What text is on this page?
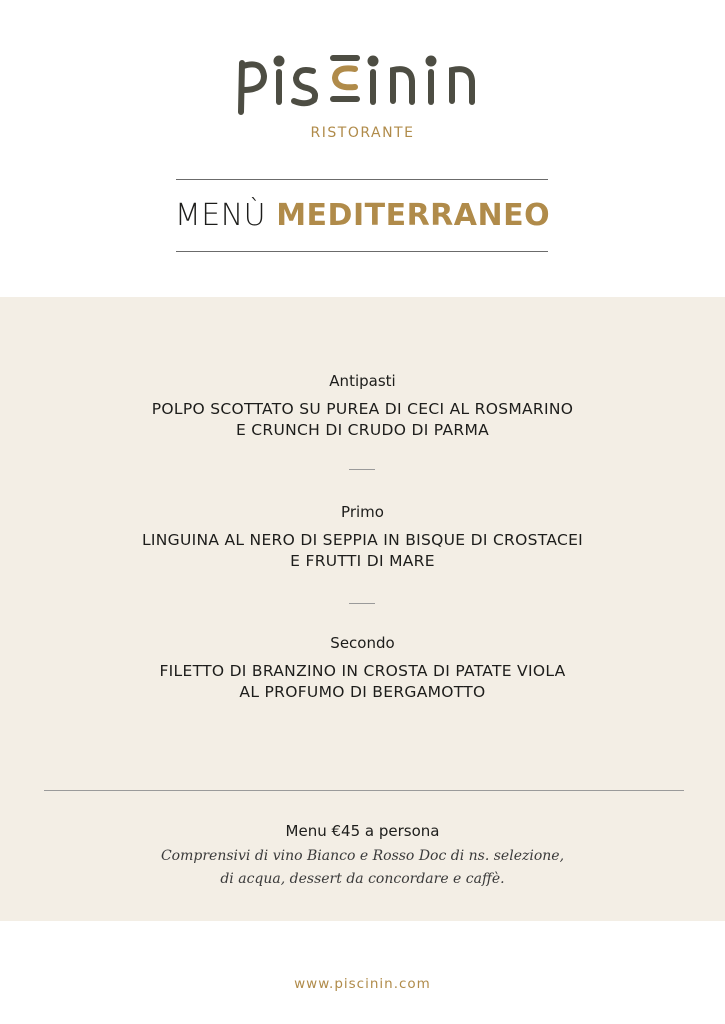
RISTORANTE
MENÙ MEDITERRANEO
Antipasti
POLPO SCOTTATO SU PUREA DI CECI AL ROSMARINO
E CRUNCH DI CRUDO DI PARMA
Primo
LINGUINA AL NERO DI SEPPIA IN BISQUE DI CROSTACEI
E FRUTTI DI MARE
Secondo
FILETTO DI BRANZINO IN CROSTA DI PATATE VIOLA
AL PROFUMO DI BERGAMOTTO
Menu €45 a persona
Comprensivi di vino Bianco e Rosso Doc di ns. selezione,
di acqua, dessert da concordare e caffè.
www.piscinin.com
